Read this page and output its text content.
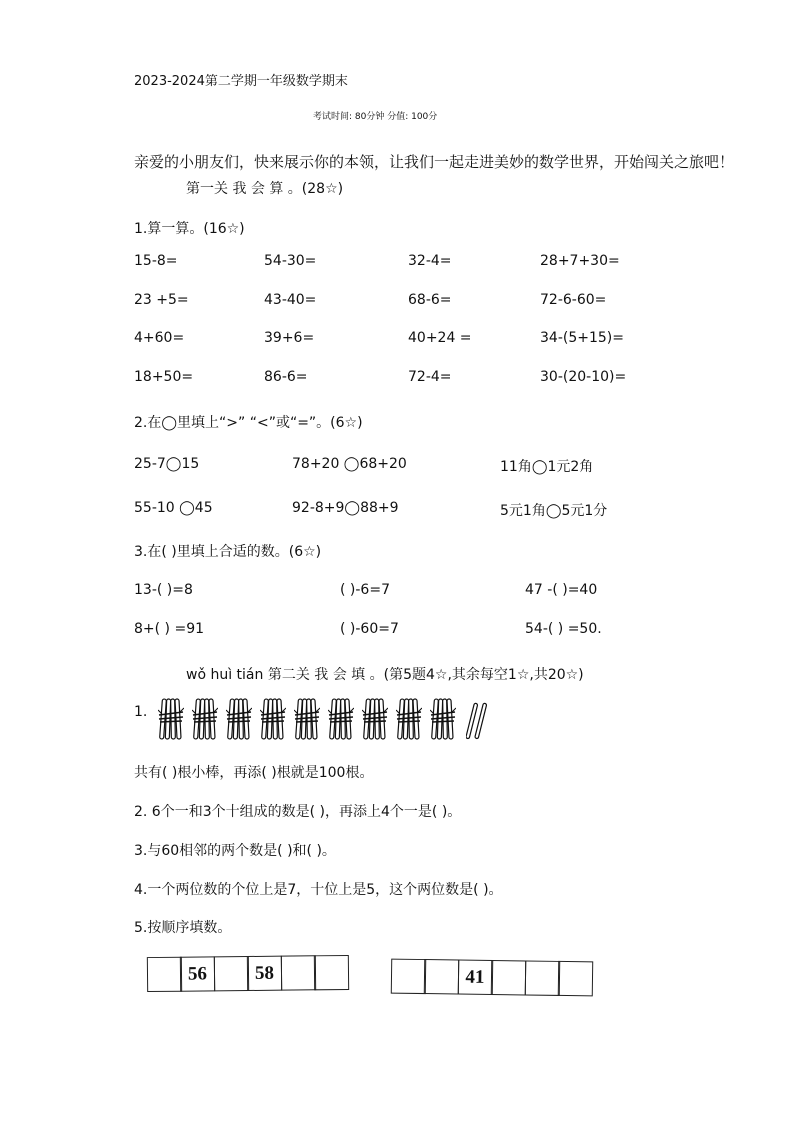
2023-2024第二学期一年级数学期末
考试时间: 80分钟 分值: 100分
亲爱的小朋友们，快来展示你的本领，让我们一起走进美妙的数学世界，开始闯关之旅吧！
第一关 我 会 算 。(28☆)
1.算一算。(16☆)
15-8=	54-30=	32-4=	28+7+30=
23 +5=	43-40=	68-6=	72-6-60=
4+60=	39+6=	40+24 =	34-(5+15)=
18+50=	86-6=	72-4=	30-(20-10)=
2.在◯里填上“>” “<”或“=”。(6☆)
25-7◯15	78+20 ◯68+20	11角◯1元2角
55-10 ◯45	92-8+9◯88+9	5元1角◯5元1分
3.在( )里填上合适的数。(6☆)
13-( )=8	( )-6=7	47 -( )=40
8+( ) =91	( )-60=7	54-( ) =50.
wǒ huì tián 第二关 我 会 填 。(第5题4☆,其余每空1☆,共20☆)
1.
共有( )根小棒，再添( )根就是100根。
2. 6个一和3个十组成的数是( )，再添上4个一是( )。
3.与60相邻的两个数是( )和( )。
4.一个两位数的个位上是7，十位上是5，这个两位数是( )。
5.按顺序填数。
56	58	41
